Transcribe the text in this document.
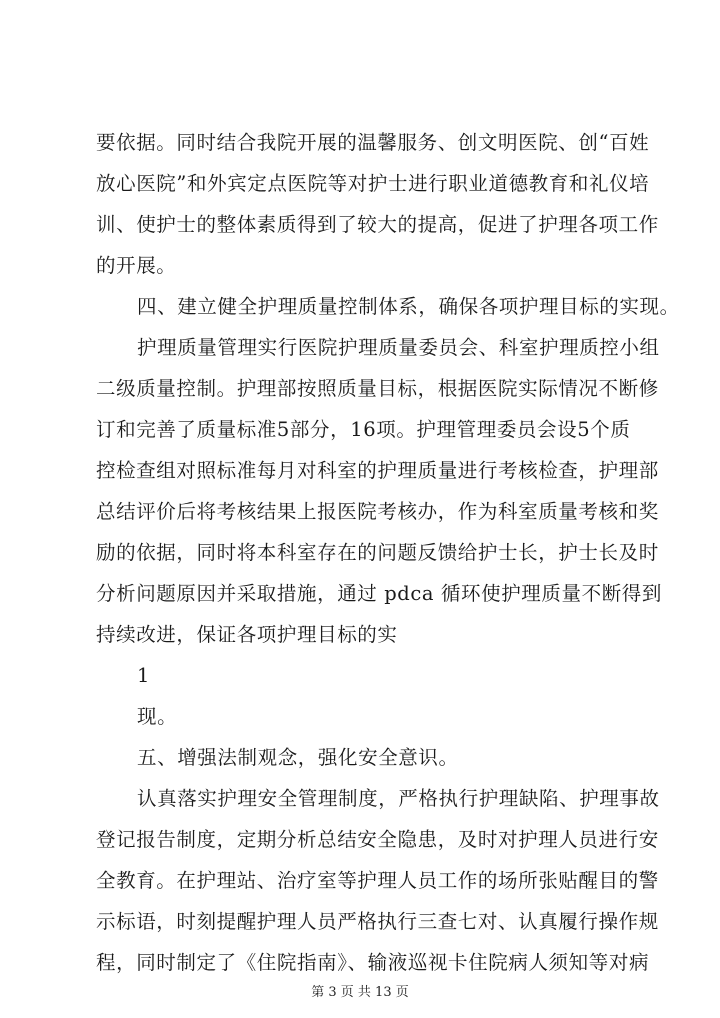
要依据。同时结合我院开展的温馨服务、创文明医院、创“百姓
放心医院”和外宾定点医院等对护士进行职业道德教育和礼仪培
训、使护士的整体素质得到了较大的提高，促进了护理各项工作
的开展。
四、建立健全护理质量控制体系，确保各项护理目标的实现。
护理质量管理实行医院护理质量委员会、科室护理质控小组
二级质量控制。护理部按照质量目标，根据医院实际情况不断修
订和完善了质量标准5部分，16项。护理管理委员会设5个质
控检查组对照标准每月对科室的护理质量进行考核检查，护理部
总结评价后将考核结果上报医院考核办，作为科室质量考核和奖
励的依据，同时将本科室存在的问题反馈给护士长，护士长及时
分析问题原因并采取措施，通过 pdca 循环使护理质量不断得到
持续改进，保证各项护理目标的实
1
现。
五、增强法制观念，强化安全意识。
认真落实护理安全管理制度，严格执行护理缺陷、护理事故
登记报告制度，定期分析总结安全隐患，及时对护理人员进行安
全教育。在护理站、治疗室等护理人员工作的场所张贴醒目的警
示标语，时刻提醒护理人员严格执行三查七对、认真履行操作规
程，同时制定了《住院指南》、输液巡视卡住院病人须知等对病
第 3 页 共 13 页
